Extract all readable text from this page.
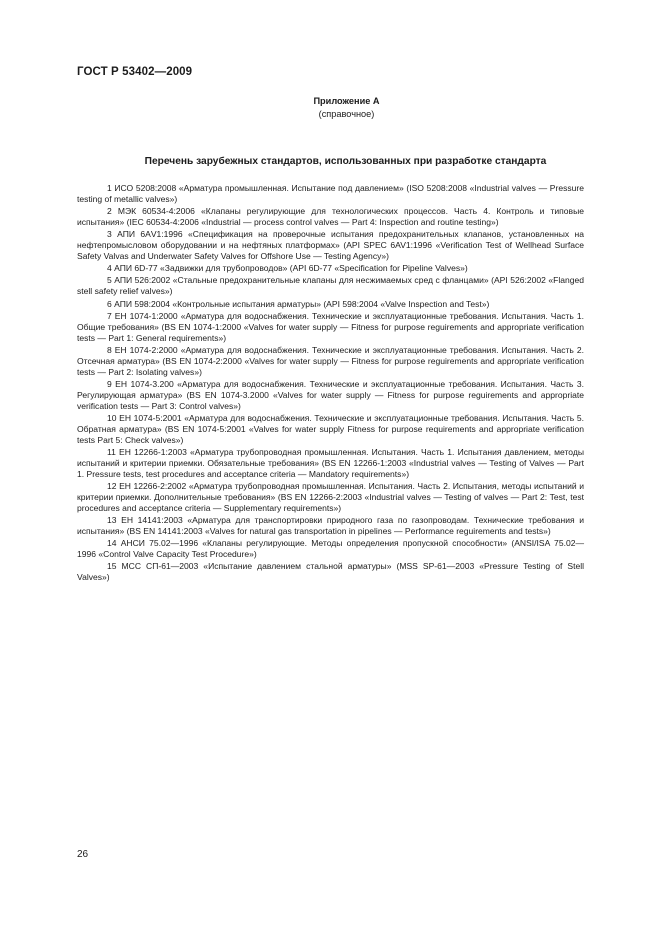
ГОСТ Р 53402—2009
Приложение А
(справочное)
Перечень зарубежных стандартов, использованных при разработке стандарта

1 ИСО 5208:2008 «Арматура промышленная. Испытание под давлением» (ISO 5208:2008 «Industrial valves — Pressure testing of metallic valves»)

2 МЭК 60534-4:2006 «Клапаны регулирующие для технологических процессов. Часть 4. Контроль и типовые испытания» (IEC 60534-4:2006 «Industrial — process control valves — Part 4: Inspection and routine testing»)

3 АПИ 6АV1:1996 «Спецификация на проверочные испытания предохранительных клапанов, установленных на нефтепромысловом оборудовании и на нефтяных платформах» (API SPEC 6AV1:1996 «Verification Test of Wellhead Surface Safety Valvas and Underwater Safety Valves for Offshore Use — Testing Agency»)

4 АПИ 6D-77 «Задвижки для трубопроводов» (API 6D-77 «Specification for Pipeline Valves»)

5 АПИ 526:2002 «Стальные предохранительные клапаны для несжимаемых сред с фланцами» (API 526:2002 «Flanged stell safety relief valves»)

6 АПИ 598:2004 «Контрольные испытания арматуры» (API 598:2004 «Valve Inspection and Test»)

7 ЕН 1074-1:2000 «Арматура для водоснабжения. Технические и эксплуатационные требования. Испытания. Часть 1. Общие требования» (BS EN 1074-1:2000 «Valves for water supply — Fitness for purpose reguirements and appropriate verification tests — Part 1: General requirements»)

8 ЕН 1074-2:2000 «Арматура для водоснабжения. Технические и эксплуатационные требования. Испытания. Часть 2. Отсечная арматура» (BS EN 1074-2:2000 «Valves for water supply — Fitness for purpose reguirements and appropriate verification tests — Part 2: Isolating valves»)

9 ЕН 1074-3.200 «Арматура для водоснабжения. Технические и эксплуатационные требования. Испытания. Часть 3. Регулирующая арматура» (BS EN 1074-3.2000 «Valves for water supply — Fitness for purpose reguirements and appropriate verification tests — Part 3: Control valves»)

10 ЕН 1074-5:2001 «Арматура для водоснабжения. Технические и эксплуатационные требования. Испытания. Часть 5. Обратная арматура» (BS EN 1074-5:2001 «Valves for water supply Fitness for purpose requirements and appropriate verification tests Part 5: Check valves»)

11 ЕН 12266-1:2003 «Арматура трубопроводная промышленная. Испытания. Часть 1. Испытания давлением, методы испытаний и критерии приемки. Обязательные требования» (BS EN 12266-1:2003 «Industrial valves — Testing of Valves — Part 1. Pressure tests, test procedures and acceptance criteria — Mandatory requirements»)

12 ЕН 12266-2:2002 «Арматура трубопроводная промышленная. Испытания. Часть 2. Испытания, методы испытаний и критерии приемки. Дополнительные требования» (BS EN 12266-2:2003 «Industrial valves — Testing of valves — Part 2: Test, test procedures and acceptance criteria — Supplementary requirements»)

13 ЕН 14141:2003 «Арматура для транспортировки природного газа по газопроводам. Технические требования и испытания» (BS EN 14141:2003 «Valves for natural gas transportation in pipelines — Performance reguirements and tests»)

14 АНСИ 75.02—1996 «Клапаны регулирующие. Методы определения пропускной способности» (ANSI/ISA 75.02—1996 «Control Valve Capacity Test Procedure»)

15 МСС СП-61—2003 «Испытание давлением стальной арматуры» (MSS SP-61—2003 «Pressure Testing of Stell Valves»)

26
